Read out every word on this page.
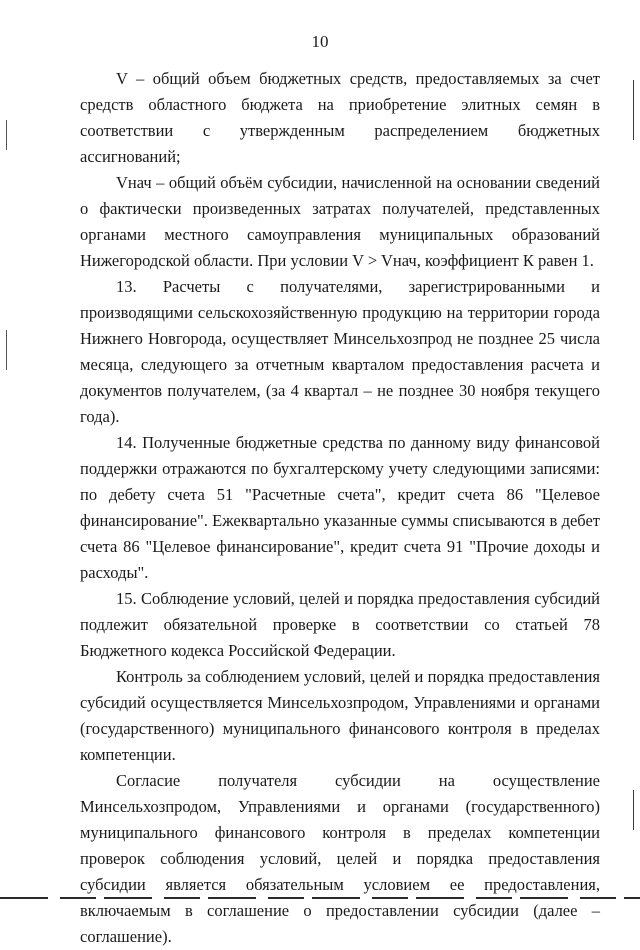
10

V – общий объем бюджетных средств, предоставляемых за счет средств областного бюджета на приобретение элитных семян в соответствии с утвержденным распределением бюджетных ассигнований;

Vнач – общий объём субсидии, начисленной на основании сведений о фактически произведенных затратах получателей, представленных органами местного самоуправления муниципальных образований Нижегородской области. При условии V > Vнач, коэффициент К равен 1.

13. Расчеты с получателями, зарегистрированными и производящими сельскохозяйственную продукцию на территории города Нижнего Новгорода, осуществляет Минсельхозпрод не позднее 25 числа месяца, следующего за отчетным кварталом предоставления расчета и документов получателем, (за 4 квартал – не позднее 30 ноября текущего года).

14. Полученные бюджетные средства по данному виду финансовой поддержки отражаются по бухгалтерскому учету следующими записями: по дебету счета 51 "Расчетные счета", кредит счета 86 "Целевое финансирование". Ежеквартально указанные суммы списываются в дебет счета 86 "Целевое финансирование", кредит счета 91 "Прочие доходы и расходы".

15. Соблюдение условий, целей и порядка предоставления субсидий подлежит обязательной проверке в соответствии со статьей 78 Бюджетного кодекса Российской Федерации.

Контроль за соблюдением условий, целей и порядка предоставления субсидий осуществляется Минсельхозпродом, Управлениями и органами (государственного) муниципального финансового контроля в пределах компетенции.

Согласие получателя субсидии на осуществление Минсельхозпродом, Управлениями и органами (государственного) муниципального финансового контроля в пределах компетенции проверок соблюдения условий, целей и порядка предоставления субсидии является обязательным условием ее предоставления, включаемым в соглашение о предоставлении субсидии (далее – соглашение).
